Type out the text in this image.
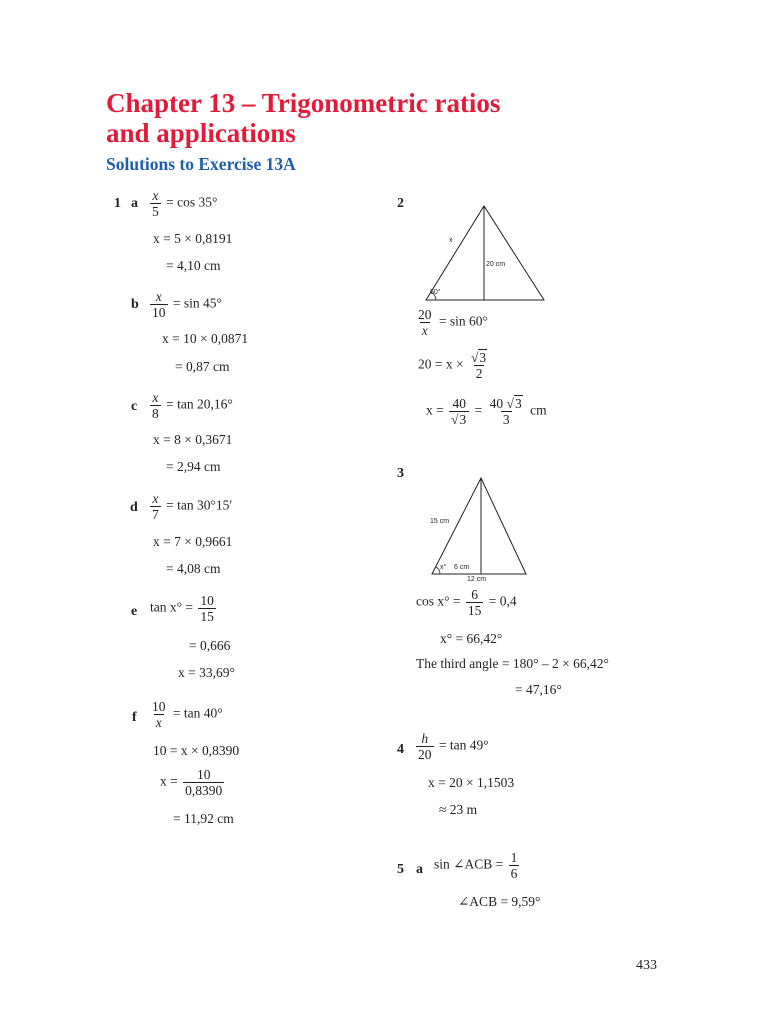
Chapter 13 – Trigonometric ratios
and applications
Solutions to Exercise 13A
1 a $\frac{x}{5} = \cos 35^\circ$
x = 5 × 0,8191
= 4,10 cm
b $\frac{x}{10} = \sin 45^\circ$
x = 10 × 0,0871
= 0,87 cm
c $\frac{x}{8} = \tan 20,16^\circ$
x = 8 × 0,3671
= 2,94 cm
d $\frac{x}{7} = \tan 30^\circ 15'$
x = 7 × 0,9661
= 4,08 cm
e $\tan x^\circ = \frac{10}{15}$
= 0,666
x = 33,69°
f $\frac{10}{x} = \tan 40^\circ$
10 = x × 0,8390
$x = \frac{10}{0,8390}$
= 11,92 cm
2
x
20 cm
60°
$\frac{20}{x} = \sin 60^\circ$
$20 = x \times \frac{√3}{2}$
$x = \frac{40}{√3} = \frac{40 √3}{3}$ cm
3
15 cm
x° 6 cm
12 cm
$\cos x^\circ = \frac{6}{15} = 0,4$
x° = 66,42°
The third angle = 180° – 2 × 66,42°
= 47,16°
$4 \frac{h}{20} = \tan 49^\circ$
x = 20 × 1,1503
≈ 23 m
5 a sin ∠ACB = $\frac{1}{6}$
∠ACB = 9,59°
433
